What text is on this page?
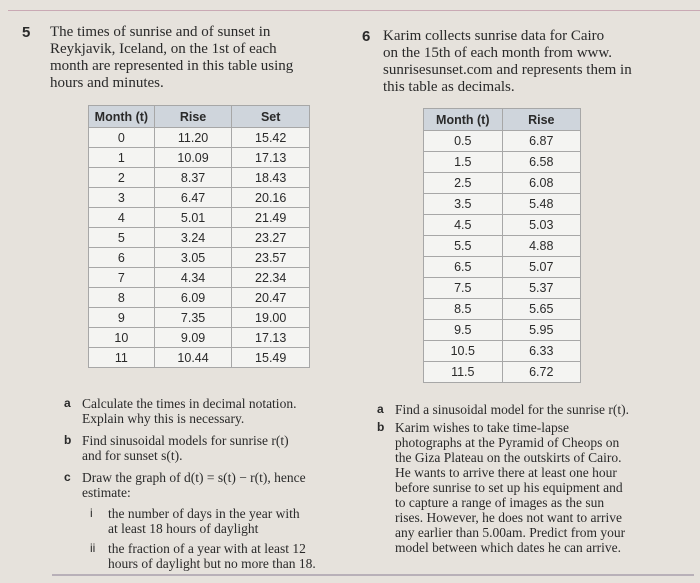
5 The times of sunrise and of sunset in
Reykjavik, Iceland, on the 1st of each
month are represented in this table using
hours and minutes.
Month (t)	Rise	Set
0	11.20	15.42
1	10.09	17.13
2	8.37	18.43
3	6.47	20.16
4	5.01	21.49
5	3.24	23.27
6	3.05	23.57
7	4.34	22.34
8	6.09	20.47
9	7.35	19.00
10	9.09	17.13
11	10.44	15.49
a Calculate the times in decimal notation.
Explain why this is necessary.
b Find sinusoidal models for sunrise r(t)
and for sunset s(t).
c Draw the graph of d(t) = s(t) − r(t), hence
estimate:
i the number of days in the year with
at least 18 hours of daylight
ii the fraction of a year with at least 12
hours of daylight but no more than 18.
6 Karim collects sunrise data for Cairo
on the 15th of each month from www.
sunrisesunset.com and represents them in
this table as decimals.
Month (t)	Rise
0.5	6.87
1.5	6.58
2.5	6.08
3.5	5.48
4.5	5.03
5.5	4.88
6.5	5.07
7.5	5.37
8.5	5.65
9.5	5.95
10.5	6.33
11.5	6.72
a Find a sinusoidal model for the sunrise r(t).
b Karim wishes to take time-lapse
photographs at the Pyramid of Cheops on
the Giza Plateau on the outskirts of Cairo.
He wants to arrive there at least one hour
before sunrise to set up his equipment and
to capture a range of images as the sun
rises. However, he does not want to arrive
any earlier than 5.00am. Predict from your
model between which dates he can arrive.
